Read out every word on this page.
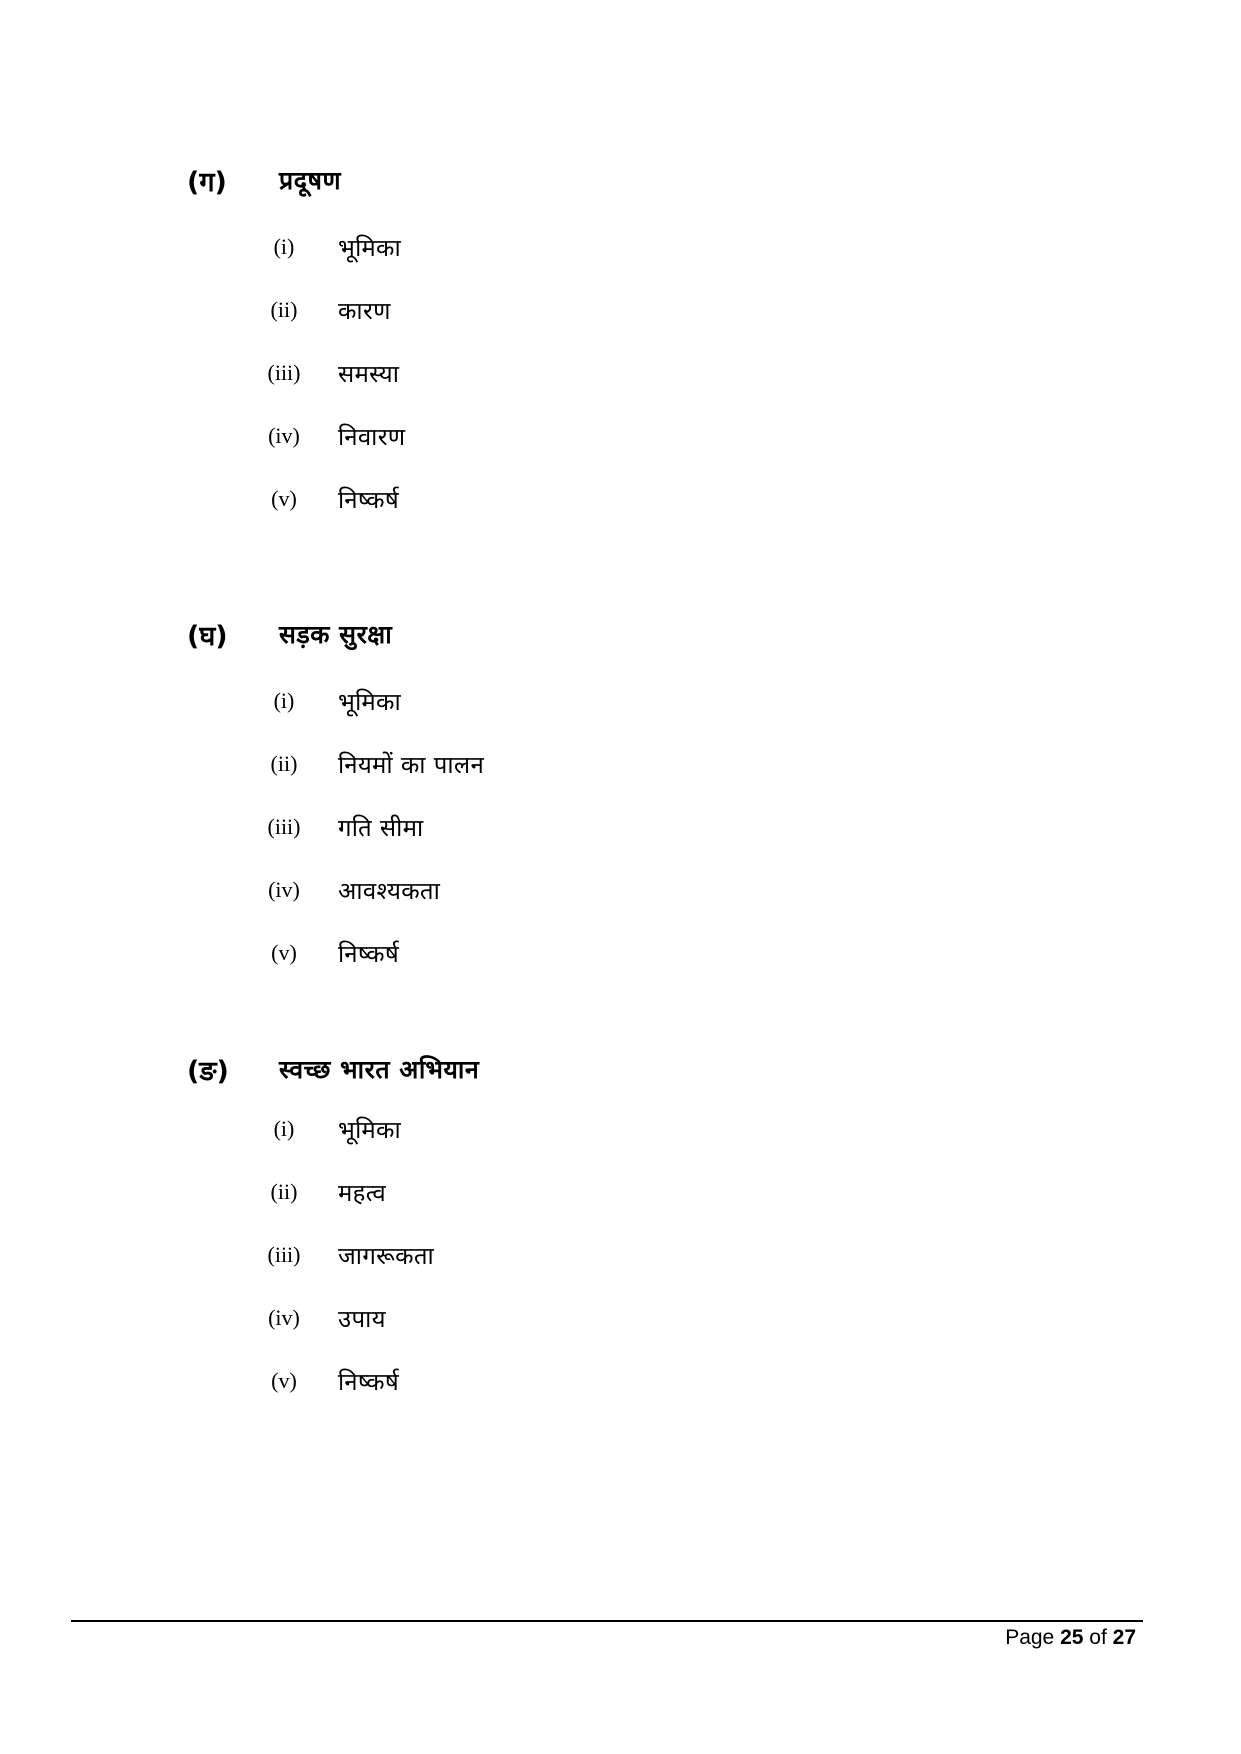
(ग)	प्रदूषण
(i)	भूमिका
(ii)	कारण
(iii)	समस्या
(iv)	निवारण
(v)	निष्कर्ष
(घ)	सड़क सुरक्षा
(i)	भूमिका
(ii)	नियमों का पालन
(iii)	गति सीमा
(iv)	आवश्यकता
(v)	निष्कर्ष
(ङ)	स्वच्छ भारत अभियान
(i)	भूमिका
(ii)	महत्व
(iii)	जागरूकता
(iv)	उपाय
(v)	निष्कर्ष
Page 25 of 27
